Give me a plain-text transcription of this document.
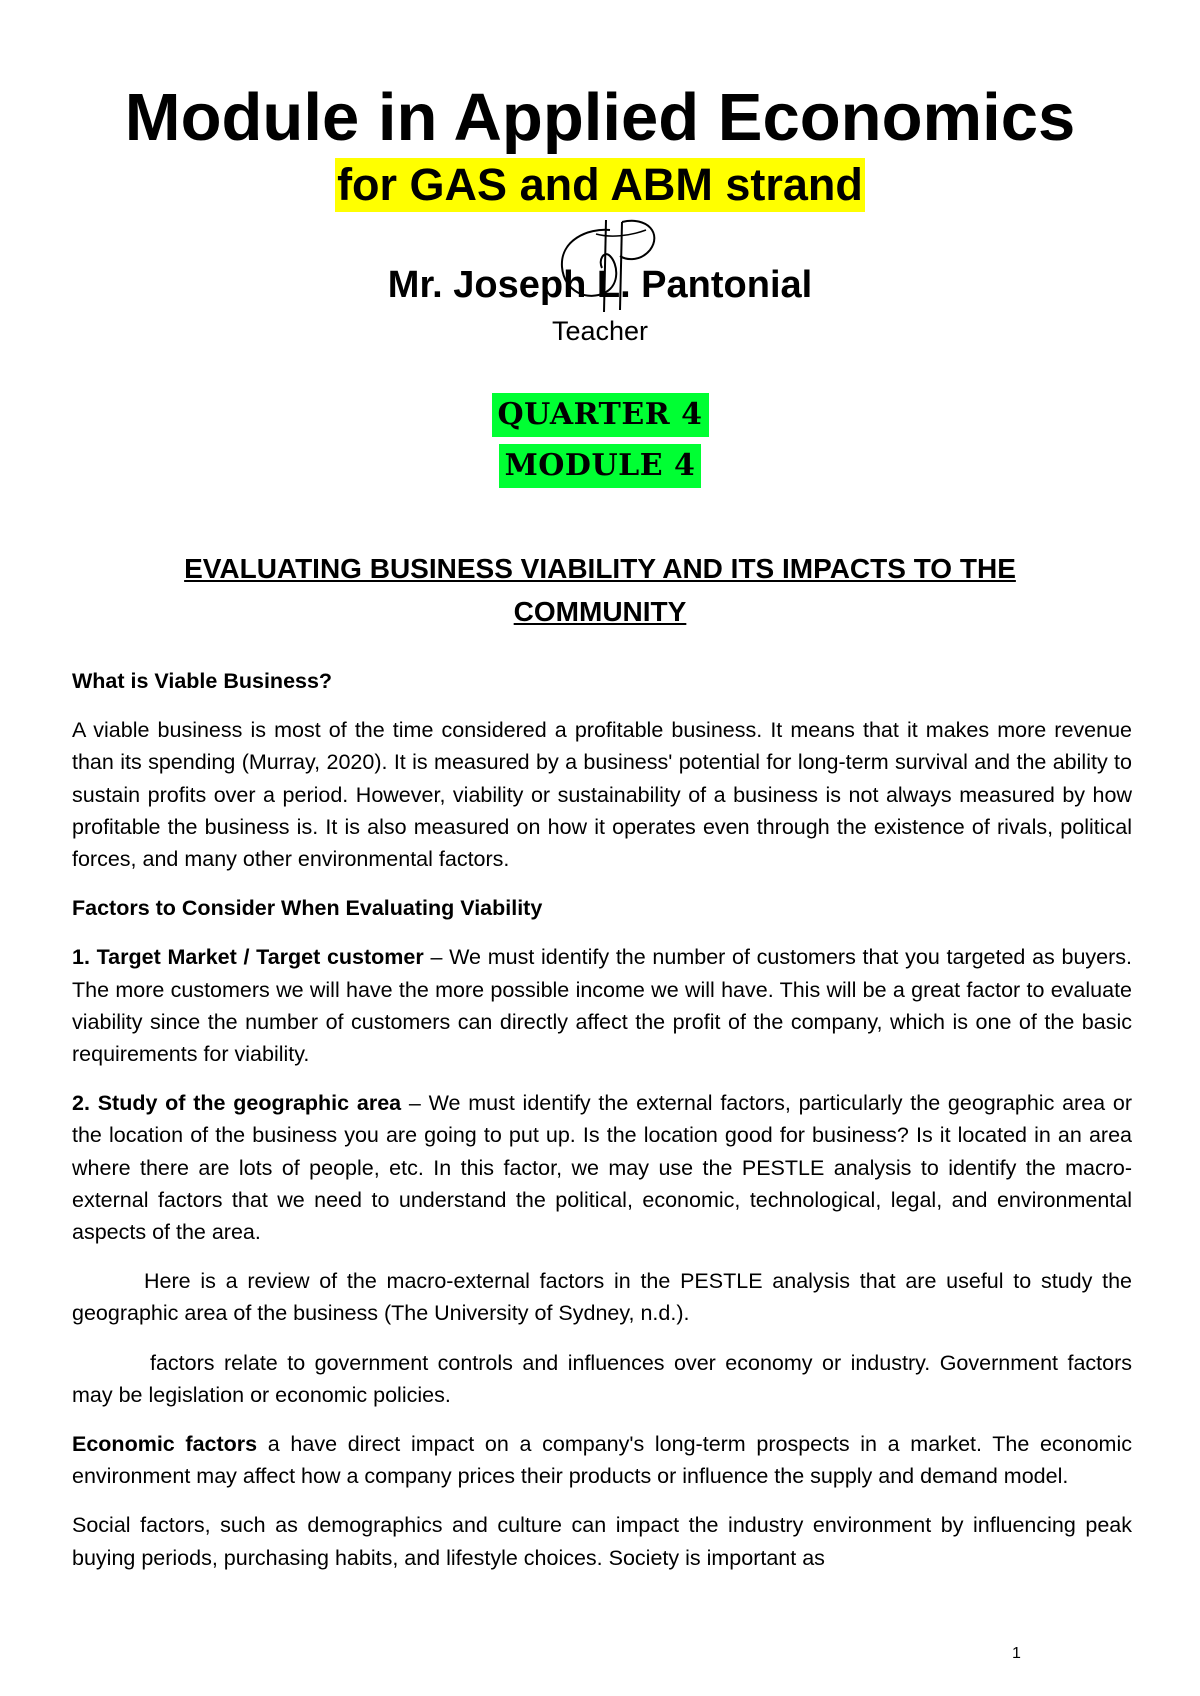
Module in Applied Economics
for GAS and ABM strand
Mr. Joseph L. Pantonial
Teacher
QUARTER 4
MODULE 4
EVALUATING BUSINESS VIABILITY AND ITS IMPACTS TO THE
COMMUNITY

What is Viable Business?

A viable business is most of the time considered a profitable business. It means that it makes more revenue than its spending (Murray, 2020). It is measured by a business' potential for long-term survival and the ability to sustain profits over a period. However, viability or sustainability of a business is not always measured by how profitable the business is. It is also measured on how it operates even through the existence of rivals, political forces, and many other environmental factors.

Factors to Consider When Evaluating Viability

1. Target Market / Target customer – We must identify the number of customers that you targeted as buyers. The more customers we will have the more possible income we will have. This will be a great factor to evaluate viability since the number of customers can directly affect the profit of the company, which is one of the basic requirements for viability.

2. Study of the geographic area – We must identify the external factors, particularly the geographic area or the location of the business you are going to put up. Is the location good for business? Is it located in an area where there are lots of people, etc. In this factor, we may use the PESTLE analysis to identify the macro-external factors that we need to understand the political, economic, technological, legal, and environmental aspects of the area.

Here is a review of the macro-external factors in the PESTLE analysis that are useful to study the geographic area of the business (The University of Sydney, n.d.).

factors relate to government controls and influences over economy or industry. Government factors may be legislation or economic policies.

Economic factors a have direct impact on a company's long-term prospects in a market. The economic environment may affect how a company prices their products or influence the supply and demand model.

Social factors, such as demographics and culture can impact the industry environment by influencing peak buying periods, purchasing habits, and lifestyle choices. Society is important as

1
